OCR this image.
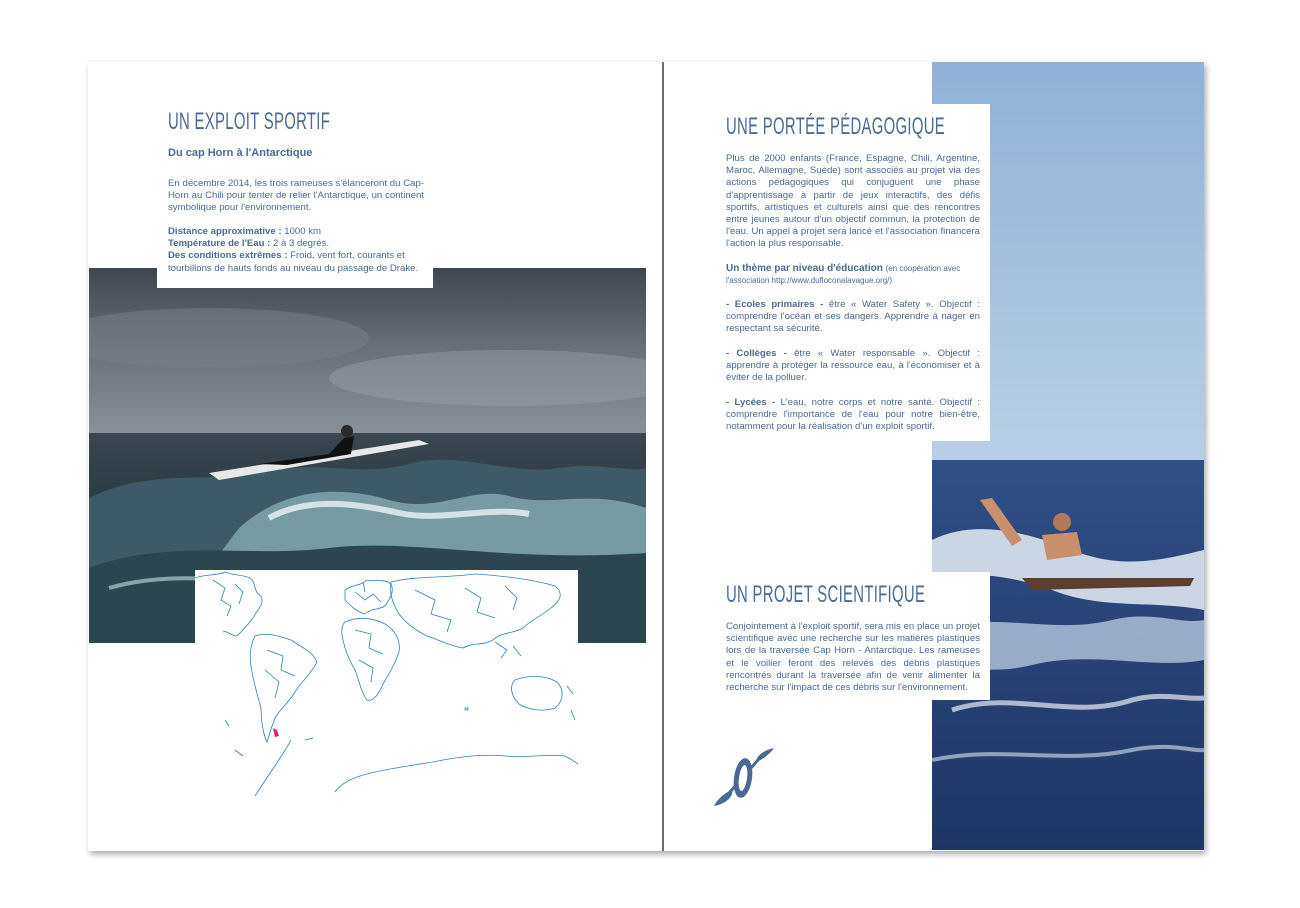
UN EXPLOIT SPORTIF
Du cap Horn à l'Antarctique
En décembre 2014, les trois rameuses s'élanceront du Cap-Horn au Chili pour tenter de relier l'Antarctique, un continent symbolique pour l'environnement.
Distance approximative : 1000 km
Température de l'Eau : 2 à 3 degrés.
Des conditions extrêmes : Froid, vent fort, courants et tourbillons de hauts fonds au niveau du passage de Drake.
UNE PORTÉE PÉDAGOGIQUE
Plus de 2000 enfants (France, Espagne, Chili, Argentine, Maroc, Allemagne, Suède) sont associés au projet via des actions pédagogiques qui conjuguent une phase d'apprentissage à partir de jeux interactifs, des défis sportifs, artistiques et culturels ainsi que des rencontres entre jeunes autour d'un objectif commun, la protection de l'eau. Un appel à projet sera lancé et l'association financera l'action la plus responsable.
Un thème par niveau d'éducation (en coopération avec l'association http://www.dufloconalavague.org/)
- Ecoles primaires - être « Water Safety ». Objectif : comprendre l'océan et ses dangers. Apprendre à nager en respectant sa sécurité.
- Collèges - être « Water responsable ». Objectif : apprendre à protéger la ressource eau, à l'économiser et à éviter de la polluer.
- Lycées - L'eau, notre corps et notre santé. Objectif : comprendre l'importance de l'eau pour notre bien-être, notamment pour la réalisation d'un exploit sportif.
UN PROJET SCIENTIFIQUE
Conjointement à l'exploit sportif, sera mis en place un projet scientifique avec une recherche sur les matières plastiques lors de la traversée Cap Horn - Antarctique. Les rameuses et le voilier feront des relevés des débris plastiques rencontrés durant la traversée afin de venir alimenter la recherche sur l'impact de ces débris sur l'environnement.
